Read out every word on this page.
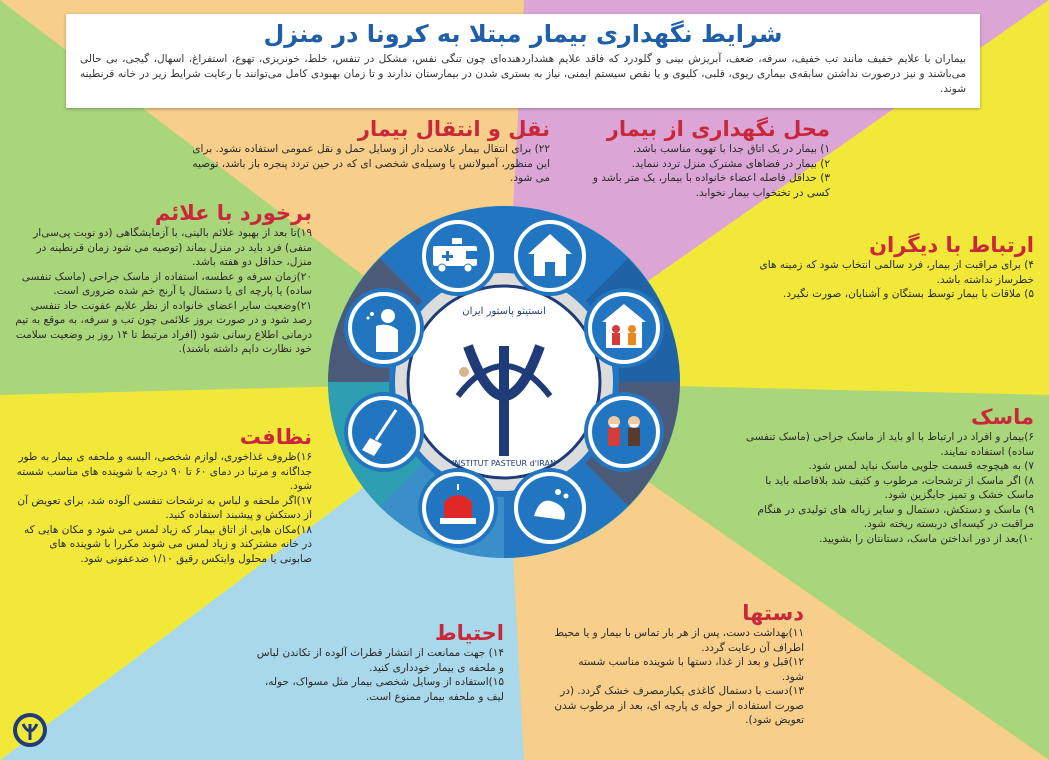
شرایط نگهداری بیمار مبتلا به کرونا در منزل

بیماران با علایم خفیف مانند تب خفیف، سرفه، ضعف، آبریزش بینی و گلودرد که فاقد علایم هشداردهنده‌ای چون تنگی نفس، مشکل در تنفس، خلط، خونریزی، تهوع، استفراغ، اسهال، گیجی، بی حالی می‌باشند و نیز درصورت نداشتن سابقه‌ی بیماری ریوی، قلبی، کلیوی و یا نقص سیستم ایمنی، نیاز به بستری شدن در بیمارستان ندارند و تا زمان بهبودی کامل می‌توانند با رعایت شرایط زیر در خانه قرنطینه شوند.

انستیتو پاستور ایران
INSTITUT PASTEUR d'IRAN
محل نگهداری از بیمار

۱) بیمار در یک اتاق جدا با تهویه مناسب باشد.

۲) بیمار در فضاهای مشترک منزل تردد ننمايد.

۳) حداقل فاصله اعضاء خانواده با بیمار، یک متر باشد و کسی در تختخواب بیمار نخوابد.

نقل و انتقال بیمار

۲۲) برای انتقال بیمار علامت دار از وسایل حمل و نقل عمومی استفاده نشود. برای این منظور، آمبولانس یا وسیله‌ی شخصی ای که در حین تردد پنجره باز باشد، توصیه می شود.

ارتباط با دیگران

۴) برای مراقبت از بیمار، فرد سالمی انتخاب شود که زمینه های خطرساز نداشته باشد.

۵) ملاقات با بیمار توسط بستگان و آشنایان، صورت نگیرد.

برخورد با علائم

۱۹)تا بعد از بهبود علائم بالینی، با آزمایشگاهی (دو نوبت پی‌سی‌ار منفی) فرد باید در منزل بماند (توصیه می شود زمان قرنطینه در منزل، حداقل دو هفته باشد.

۲۰)زمان سرفه و عطسه، استفاده از ماسک جراحی (ماسک تنفسی ساده) یا پارچه ای یا دستمال یا آرنج خم شده ضروری است.

۲۱)وضعیت سایر اعضای خانواده از نظر علایم عفونت حاد تنفسی رصد شود و در صورت بروز علائمی چون تب و سرفه، به موقع به تیم درمانی اطلاع رسانی شود (افراد مرتبط تا ۱۴ روز بر وضعیت سلامت خود نظارت دایم داشته باشند).

ماسک

۶)بیمار و افراد در ارتباط با او باید از ماسک جراحی (ماسک تنفسی ساده) استفاده نمایند.

۷) به هیچوجه قسمت جلویی ماسک نباید لمس شود.

۸) اگر ماسک از ترشحات، مرطوب و کثیف شد بلافاصله باید با ماسک خشک و تمیز جایگزین شود.

۹) ماسک و دستکش، دستمال و سایر زباله های تولیدی در هنگام مراقبت در کیسه‌ای دربسته ریخته شود.

۱۰)بعد از دور انداختن ماسک، دستانتان را بشویید.

نظافت

۱۶)ظروف غذاخوری، لوازم شخصی، البسه و ملحفه ی بیمار به طور جداگانه و مرتبا در دمای ۶۰ تا ۹۰ درجه با شوینده های مناسب شسته شود.

۱۷)اگر ملحفه و لباس به ترشحات تنفسی آلوده شد، برای تعویض آن از دستکش و پیشبند استفاده کنید.

۱۸)مکان هایی از اتاق بیمار که زیاد لمس می شود و مکان هایی که در خانه مشترکند و زیاد لمس می شوند مکررا با شوینده های صابونی یا محلول وایتکس رقیق ۱/۱۰ ضدعفونی شود.

احتیاط

۱۴) جهت ممانعت از انتشار قطرات آلوده از تکاندن لباس و ملحفه ی بیمار خودداری کنید.

۱۵)استفاده از وسایل شخصی بیمار مثل مسواک، حوله، لیف و ملحفه بیمار ممنوع است.

دستها

۱۱)بهداشت دست، پس از هر بار تماس با بیمار و یا محیط اطراف آن رعایت گردد.

۱۲)قبل و بعد از غذا، دستها با شوینده مناسب شسته شود.

۱۳)دست با دستمال کاغذی یکبارمصرف خشک گردد. (در صورت استفاده از حوله ی پارچه ای، بعد از مرطوب شدن تعویض شود).
